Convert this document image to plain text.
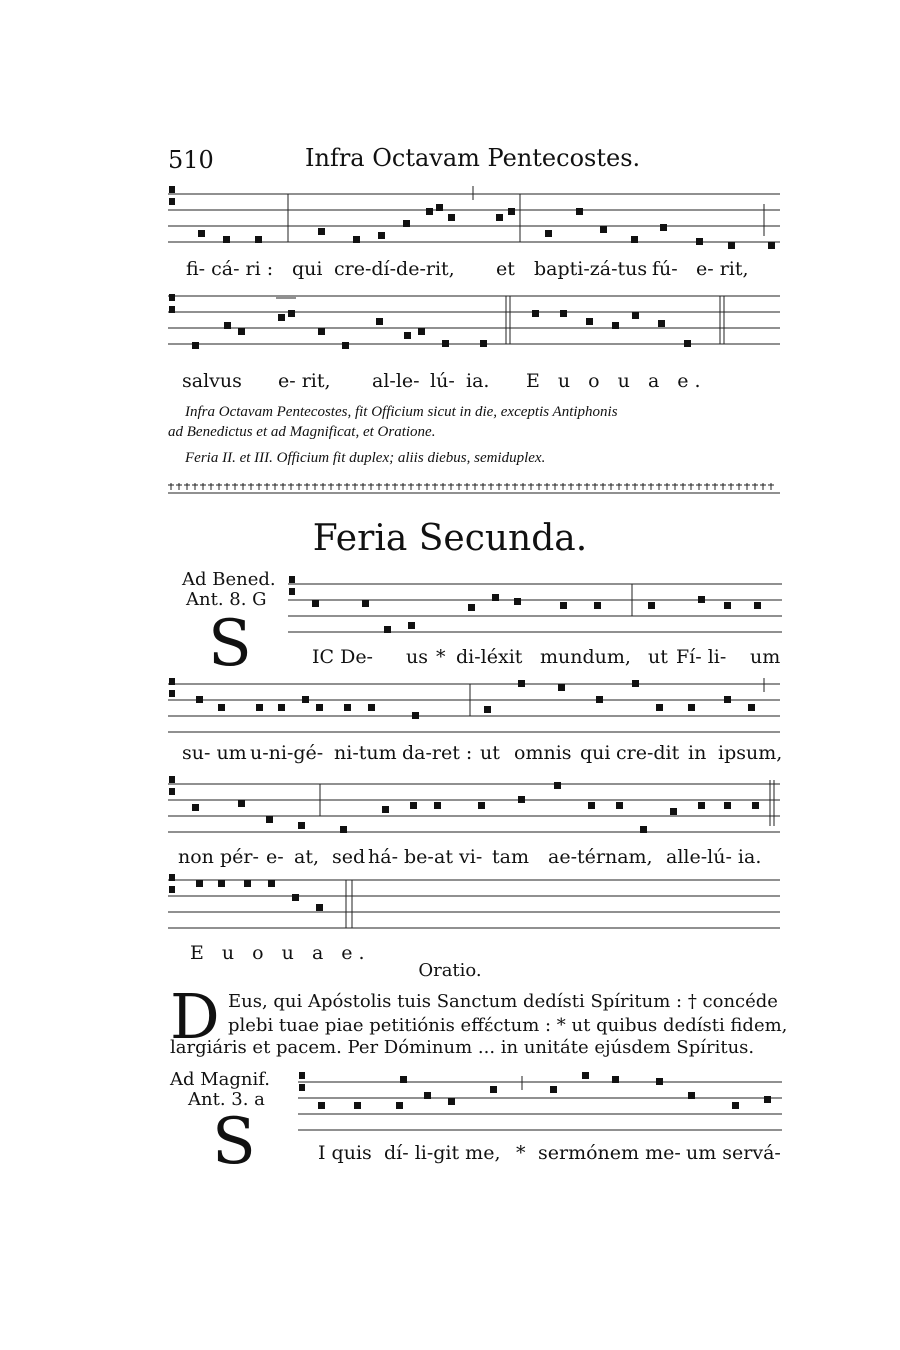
510	Infra Octavam Pentecostes.
fi- cá- ri : qui cre-dí-de-rit, et bapti-zá-tus fú- e- rit,
salvus e- rit, al-le- lú- ia. E u o u a e.
Infra Octavam Pentecostes, fit Officium sicut in die, exceptis Antiphonis
ad Benedictus et ad Magnificat, et Oratione.
Feria II. et III. Officium fit duplex; aliis diebus, semiduplex.
Feria Secunda.
Ad Bened.
Ant. 8. G
S	IC De- us * di-léxit mundum, ut Fí- li- um
su- um u-ni-gé- ni-tum da-ret : ut omnis qui cre-dit in ipsum,
non pér- e- at, sed há- be- at vi- tam ae-térnam, alle-lú- ia.
E u o u a e.
Oratio.
D Eus, qui Apóstolis tuis Sanctum dedísti Spíritum : † concéde
plebi tuae piae petitiónis effέctum : * ut quibus dedísti fidem,
largiáris et pacem. Per Dóminum ... in unitáte ejúsdem Spíritus.
Ad Magnif.
Ant. 3. a
S	I quis dí- li-git me, * sermónem me- um servá-
